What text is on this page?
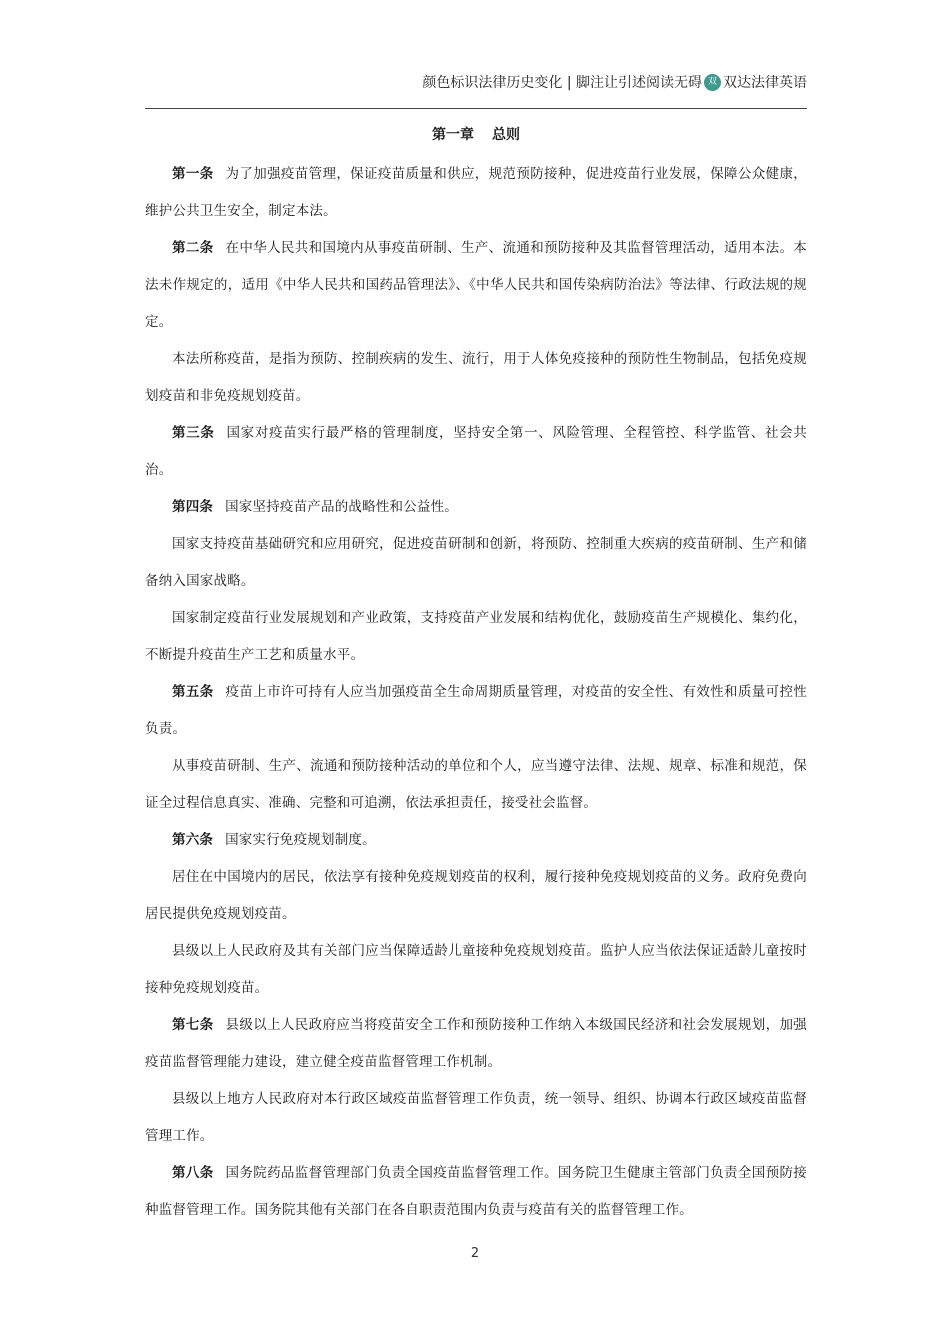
颜色标识法律历史变化 | 脚注让引述阅读无碍 双 双达法律英语
第一章 总则

第一条 为了加强疫苗管理，保证疫苗质量和供应，规范预防接种，促进疫苗行业发展，保障公众健康，维护公共卫生安全，制定本法。

第二条 在中华人民共和国境内从事疫苗研制、生产、流通和预防接种及其监督管理活动，适用本法。本法未作规定的，适用《中华人民共和国药品管理法》、《中华人民共和国传染病防治法》等法律、行政法规的规定。

本法所称疫苗，是指为预防、控制疾病的发生、流行，用于人体免疫接种的预防性生物制品，包括免疫规划疫苗和非免疫规划疫苗。

第三条 国家对疫苗实行最严格的管理制度，坚持安全第一、风险管理、全程管控、科学监管、社会共治。

第四条 国家坚持疫苗产品的战略性和公益性。

国家支持疫苗基础研究和应用研究，促进疫苗研制和创新，将预防、控制重大疾病的疫苗研制、生产和储备纳入国家战略。

国家制定疫苗行业发展规划和产业政策，支持疫苗产业发展和结构优化，鼓励疫苗生产规模化、集约化，不断提升疫苗生产工艺和质量水平。

第五条 疫苗上市许可持有人应当加强疫苗全生命周期质量管理，对疫苗的安全性、有效性和质量可控性负责。

从事疫苗研制、生产、流通和预防接种活动的单位和个人，应当遵守法律、法规、规章、标准和规范，保证全过程信息真实、准确、完整和可追溯，依法承担责任，接受社会监督。

第六条 国家实行免疫规划制度。

居住在中国境内的居民，依法享有接种免疫规划疫苗的权利，履行接种免疫规划疫苗的义务。政府免费向居民提供免疫规划疫苗。

县级以上人民政府及其有关部门应当保障适龄儿童接种免疫规划疫苗。监护人应当依法保证适龄儿童按时接种免疫规划疫苗。

第七条 县级以上人民政府应当将疫苗安全工作和预防接种工作纳入本级国民经济和社会发展规划，加强疫苗监督管理能力建设，建立健全疫苗监督管理工作机制。

县级以上地方人民政府对本行政区域疫苗监督管理工作负责，统一领导、组织、协调本行政区域疫苗监督管理工作。

第八条 国务院药品监督管理部门负责全国疫苗监督管理工作。国务院卫生健康主管部门负责全国预防接种监督管理工作。国务院其他有关部门在各自职责范围内负责与疫苗有关的监督管理工作。

2
